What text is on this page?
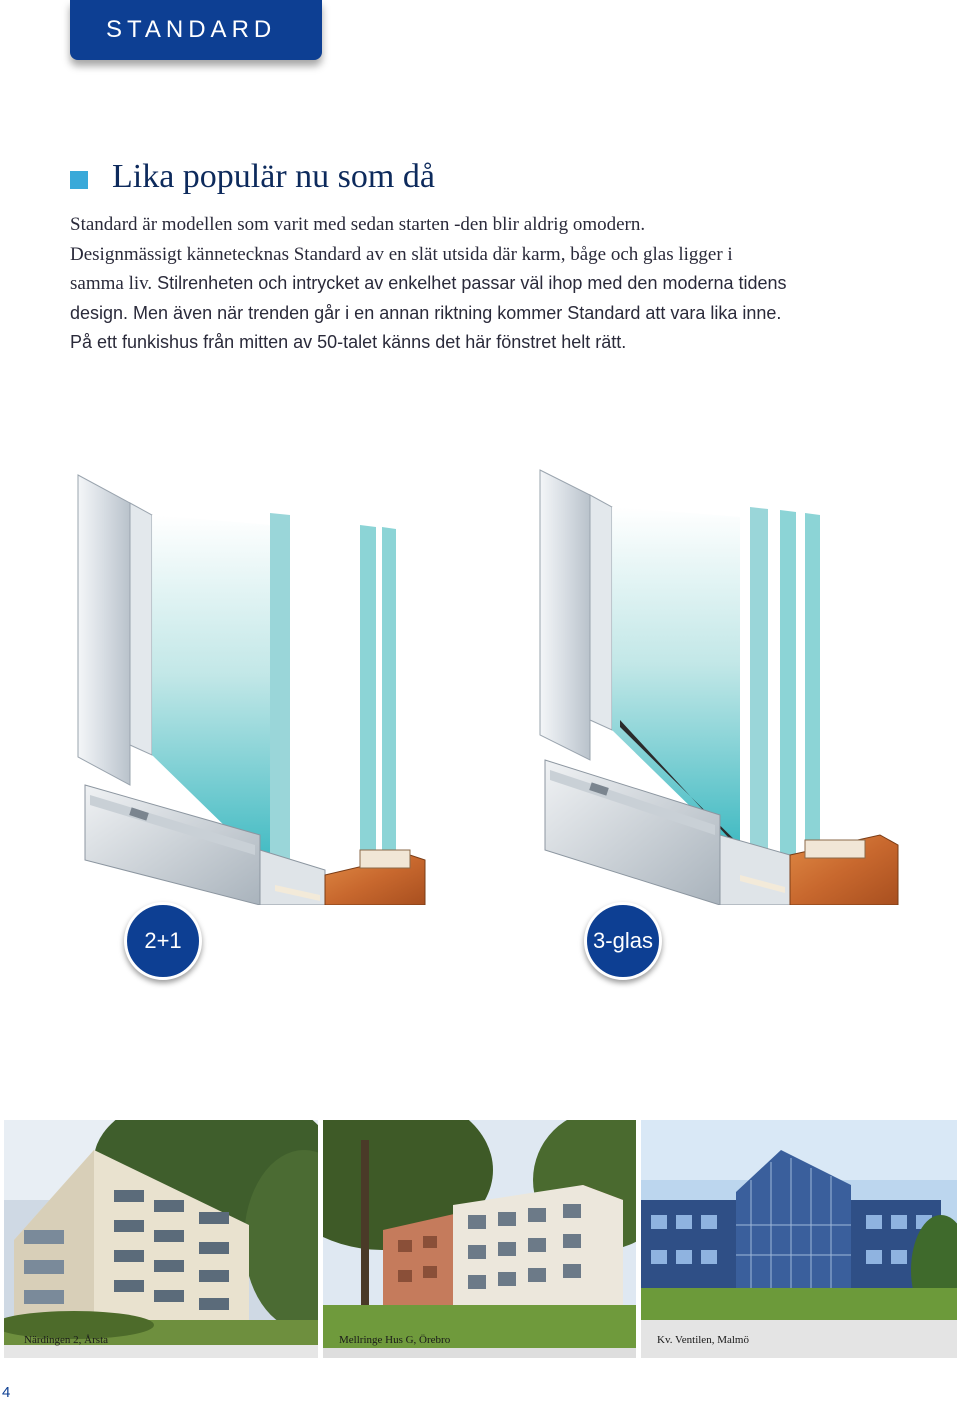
STANDARD
Lika populär nu som då

Standard är modellen som varit med sedan starten -den blir aldrig omodern.

Designmässigt kännetecknas Standard av en slät utsida där karm, båge och glas ligger i

samma liv. Stilrenheten och intrycket av enkelhet passar väl ihop med den moderna tidens

design. Men även när trenden går i en annan riktning kommer Standard att vara lika inne.

På ett funkishus från mitten av 50-talet känns det här fönstret helt rätt.

2+1	3-glas
Närdingen 2, Årsta	Mellringe Hus G, Örebro	Kv. Ventilen, Malmö
4
